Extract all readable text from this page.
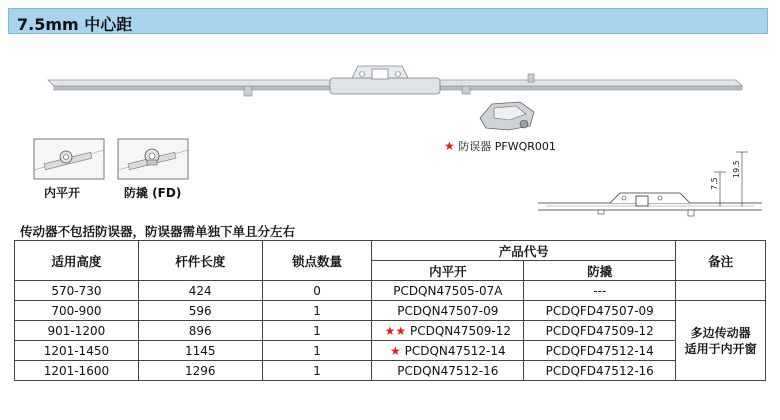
7.5mm 中心距
7.5
19.5
内平开	防撬 (FD)
★ 防误器 PFWQR001
传动器不包括防误器，防误器需单独下单且分左右
适用高度	杆件长度	锁点数量	产品代号		备注
			内平开	防撬	
570-730	424	0	PCDQN47505-07A	---	
700-900	596	1	PCDQN47507-09	PCDQFD47507-09	多边传动器
适用于内开窗

901-1200	896	1	★★ PCDQN47509-12	PCDQFD47509-12	
1201-1450	1145	1	★ PCDQN47512-14	PCDQFD47512-14	
1201-1600	1296	1	PCDQN47512-16	PCDQFD47512-16	
